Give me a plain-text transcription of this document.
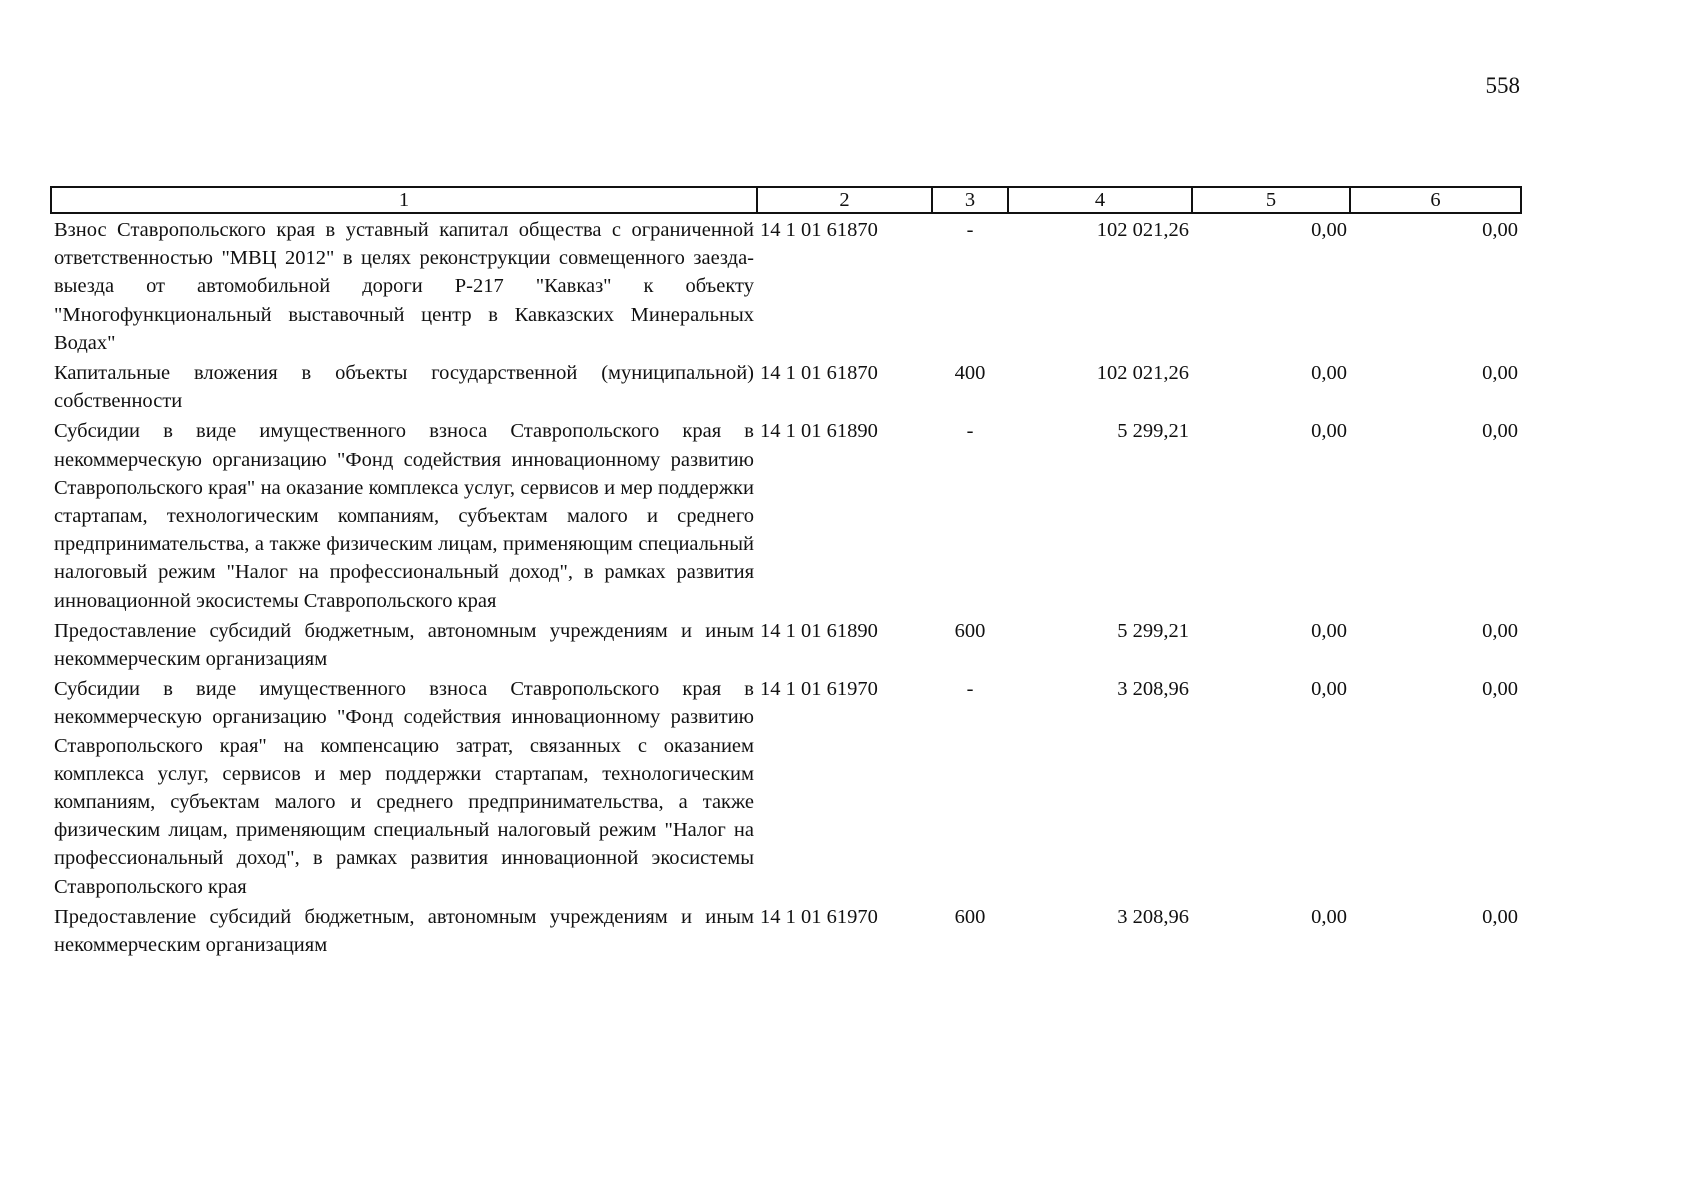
558
1	2	3	4	5	6
Взнос Ставропольского края в уставный капитал общества с ограниченной ответственностью "МВЦ 2012" в целях реконструкции совмещенного заезда-выезда от автомобильной дороги Р-217 "Кавказ" к объекту "Многофункциональный выставочный центр в Кавказских Минеральных Водах"	14 1 01 61870	-	102 021,26	0,00	0,00
Капитальные вложения в объекты государственной (муниципальной) собственности	14 1 01 61870	400	102 021,26	0,00	0,00
Субсидии в виде имущественного взноса Ставропольского края в некоммерческую организацию "Фонд содействия инновационному развитию Ставропольского края" на оказание комплекса услуг, сервисов и мер поддержки стартапам, технологическим компаниям, субъектам малого и среднего предпринимательства, а также физическим лицам, применяющим специальный налоговый режим "Налог на профессиональный доход", в рамках развития инновационной экосистемы Ставропольского края	14 1 01 61890	-	5 299,21	0,00	0,00
Предоставление субсидий бюджетным, автономным учреждениям и иным некоммерческим организациям	14 1 01 61890	600	5 299,21	0,00	0,00
Субсидии в виде имущественного взноса Ставропольского края в некоммерческую организацию "Фонд содействия инновационному развитию Ставропольского края" на компенсацию затрат, связанных с оказанием комплекса услуг, сервисов и мер поддержки стартапам, технологическим компаниям, субъектам малого и среднего предпринимательства, а также физическим лицам, применяющим специальный налоговый режим "Налог на профессиональный доход", в рамках развития инновационной экосистемы Ставропольского края	14 1 01 61970	-	3 208,96	0,00	0,00
Предоставление субсидий бюджетным, автономным учреждениям и иным некоммерческим организациям	14 1 01 61970	600	3 208,96	0,00	0,00
